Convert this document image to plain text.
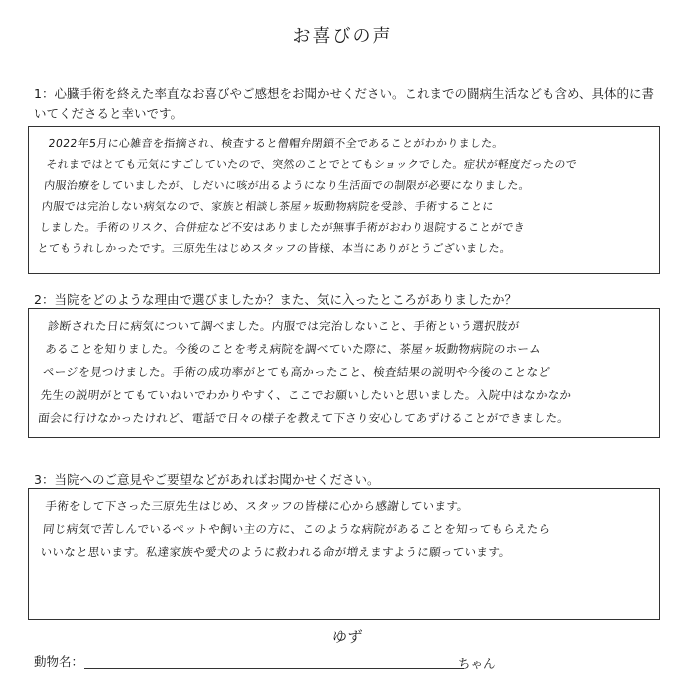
お喜びの声
1：心臓手術を終えた率直なお喜びやご感想をお聞かせください。これまでの闘病生活なども含め、具体的に書いてくださると幸いです。
2022年5月に心雑音を指摘され、検査すると僧帽弁閉鎖不全であることがわかりました。
それまではとても元気にすごしていたので、突然のことでとてもショックでした。症状が軽度だったので
内服治療をしていましたが、しだいに咳が出るようになり生活面での制限が必要になりました。
内服では完治しない病気なので、家族と相談し茶屋ヶ坂動物病院を受診、手術することに
しました。手術のリスク、合併症など不安はありましたが無事手術がおわり退院することができ
とてもうれしかったです。三原先生はじめスタッフの皆様、本当にありがとうございました。
2：当院をどのような理由で選びましたか？また、気に入ったところがありましたか？
診断された日に病気について調べました。内服では完治しないこと、手術という選択肢が
あることを知りました。今後のことを考え病院を調べていた際に、茶屋ヶ坂動物病院のホーム
ページを見つけました。手術の成功率がとても高かったこと、検査結果の説明や今後のことなど
先生の説明がとてもていねいでわかりやすく、ここでお願いしたいと思いました。入院中はなかなか
面会に行けなかったけれど、電話で日々の様子を教えて下さり安心してあずけることができました。
3：当院へのご意見やご要望などがあればお聞かせください。
手術をして下さった三原先生はじめ、スタッフの皆様に心から感謝しています。
同じ病気で苦しんでいるペットや飼い主の方に、このような病院があることを知ってもらえたら
いいなと思います。私達家族や愛犬のように救われる命が増えますように願っています。
動物名：
ゆず
ちゃん
